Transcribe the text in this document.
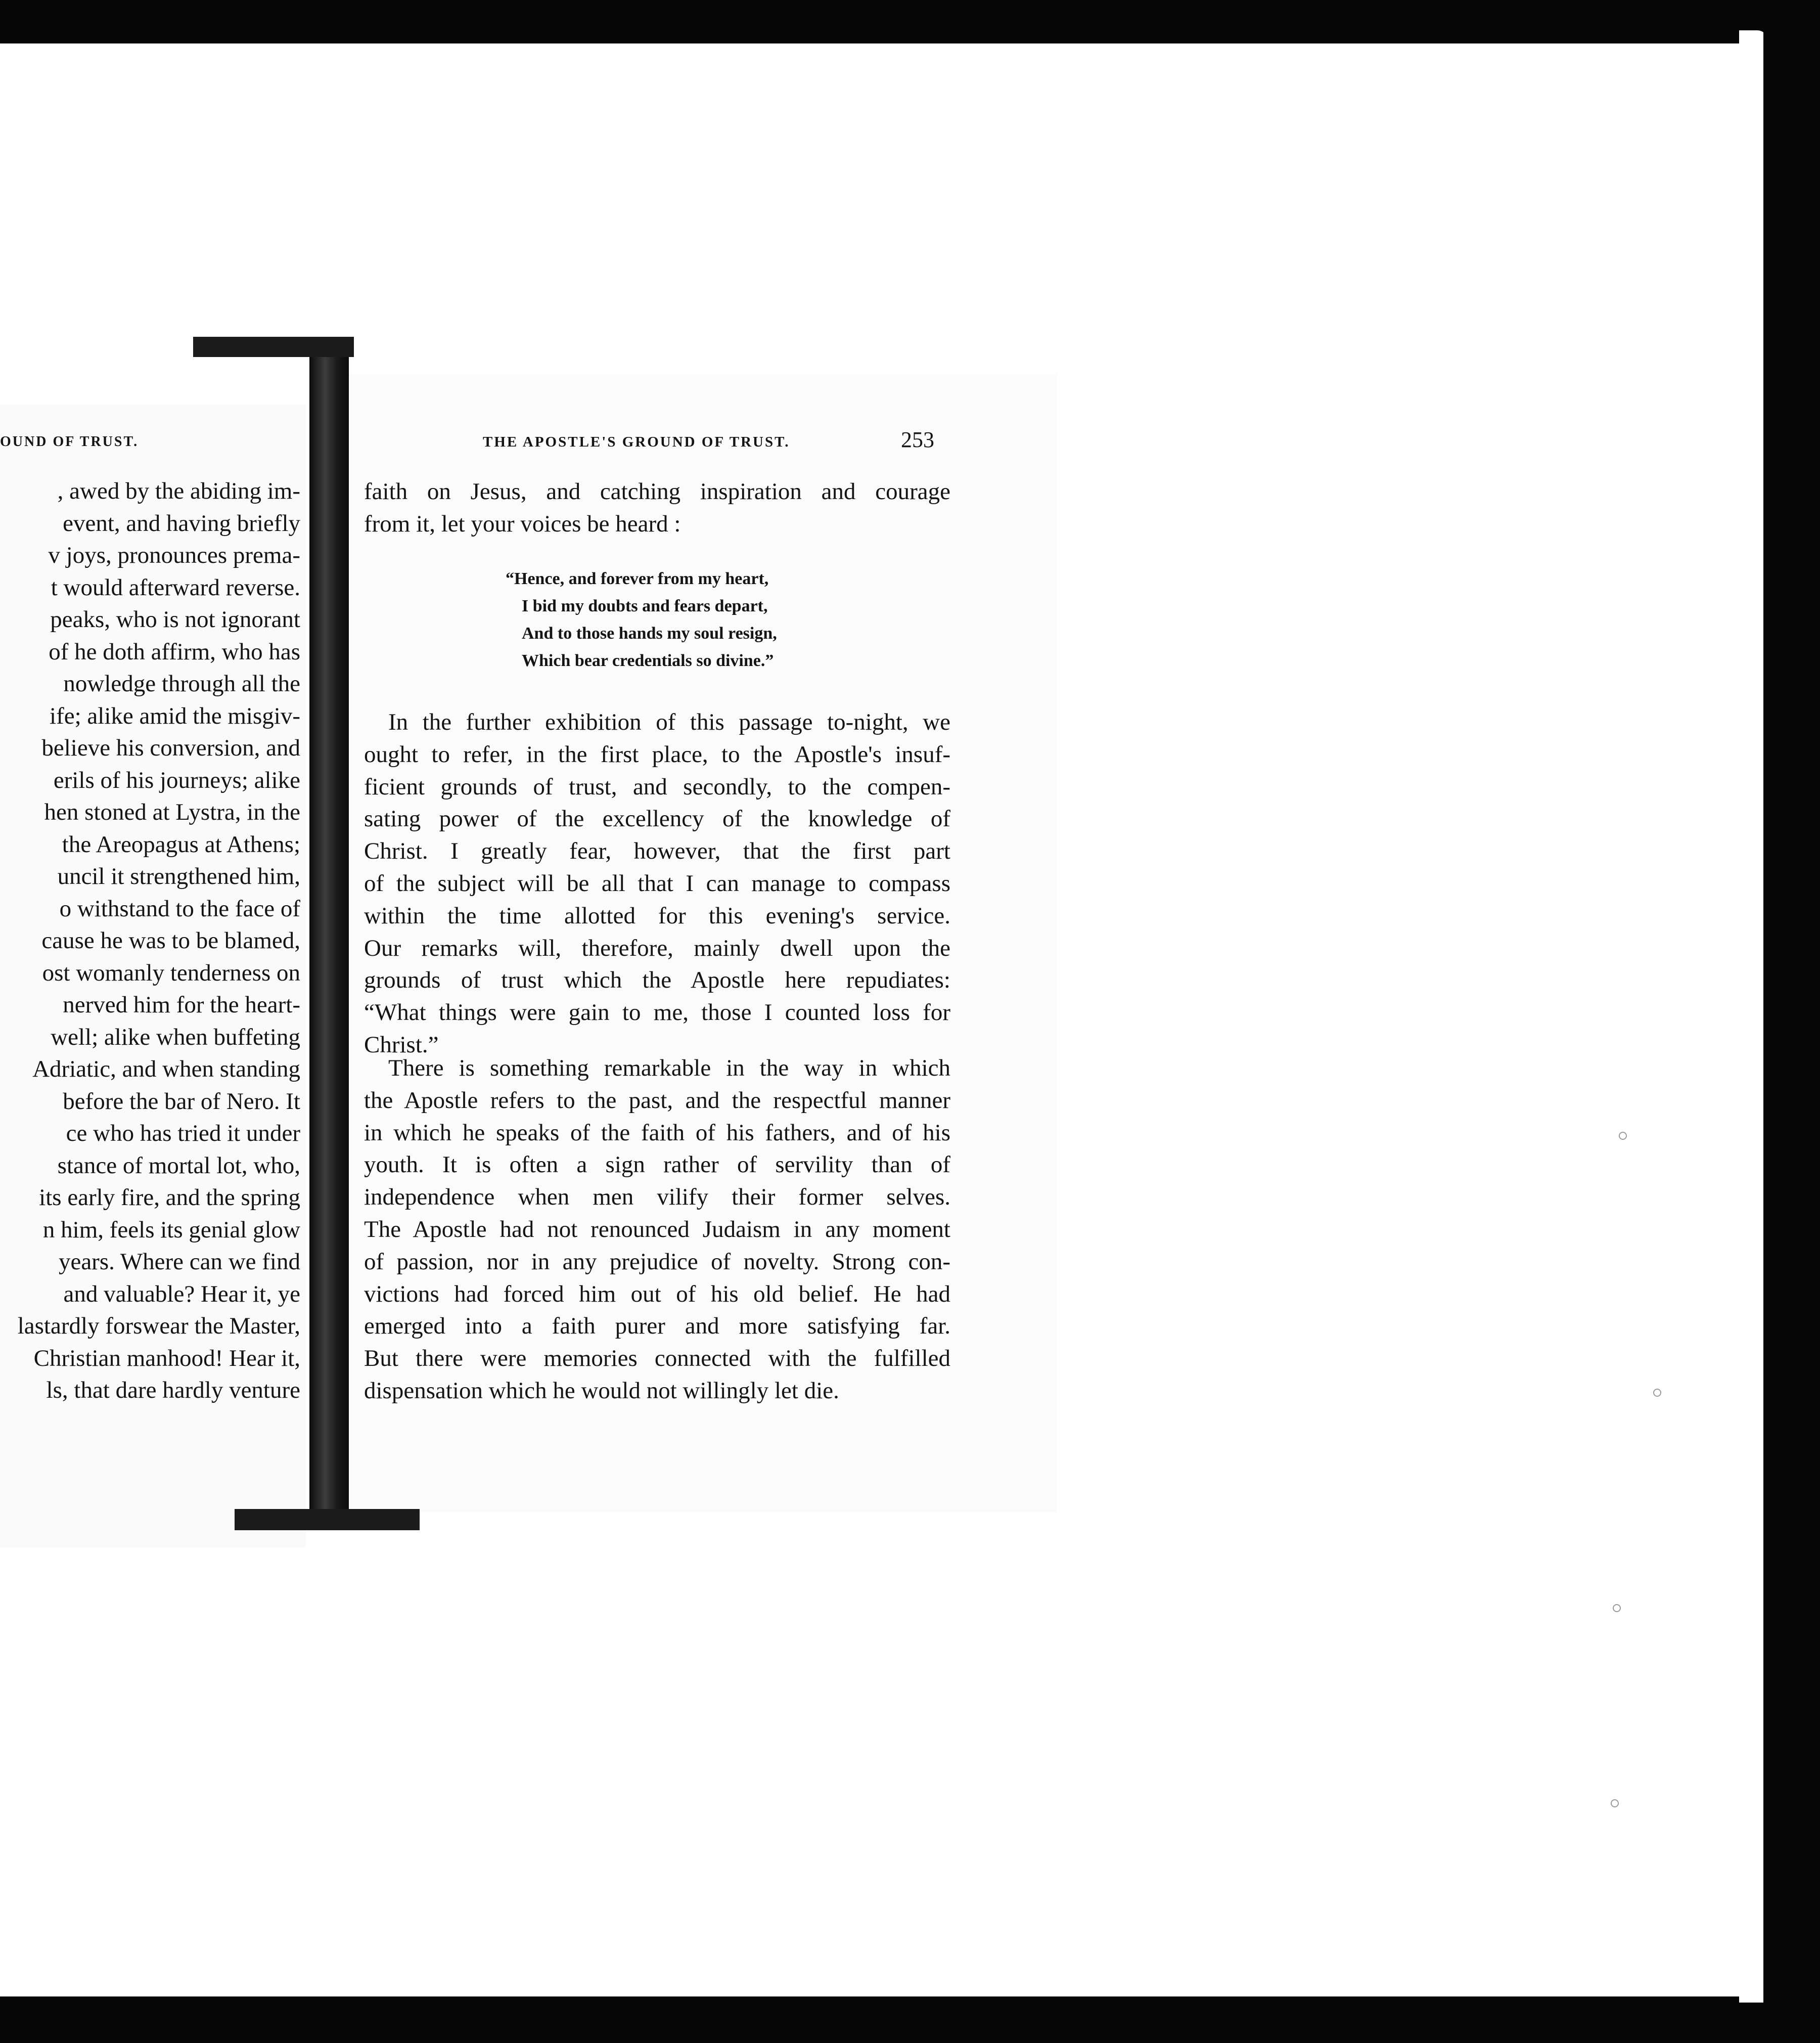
OUND OF TRUST.
, awed by the abiding im-
event, and having briefly
v joys, pronounces prema-
t would afterward reverse.
peaks, who is not ignorant
of he doth affirm, who has
nowledge through all the
ife; alike amid the misgiv-
believe his conversion, and
erils of his journeys; alike
hen stoned at Lystra, in the
the Areopagus at Athens;
uncil it strengthened him,
o withstand to the face of
cause he was to be blamed,
ost womanly tenderness on
nerved him for the heart-
well; alike when buffeting
Adriatic, and when standing
before the bar of Nero. It
ce who has tried it under
stance of mortal lot, who,
its early fire, and the spring
n him, feels its genial glow
years. Where can we find
and valuable? Hear it, ye
lastardly forswear the Master,
Christian manhood! Hear it,
ls, that dare hardly venture
THE APOSTLE'S GROUND OF TRUST.	253
faith on Jesus, and catching inspiration and courage
from it, let your voices be heard :
“Hence, and forever from my heart,
I bid my doubts and fears depart,
And to those hands my soul resign,
Which bear credentials so divine.”
In the further exhibition of this passage to-night, we
ought to refer, in the first place, to the Apostle's insuf-
ficient grounds of trust, and secondly, to the compen-
sating power of the excellency of the knowledge of
Christ. I greatly fear, however, that the first part
of the subject will be all that I can manage to compass
within the time allotted for this evening's service.
Our remarks will, therefore, mainly dwell upon the
grounds of trust which the Apostle here repudiates:
“What things were gain to me, those I counted loss for
Christ.”
There is something remarkable in the way in which
the Apostle refers to the past, and the respectful manner
in which he speaks of the faith of his fathers, and of his
youth. It is often a sign rather of servility than of
independence when men vilify their former selves.
The Apostle had not renounced Judaism in any moment
of passion, nor in any prejudice of novelty. Strong con-
victions had forced him out of his old belief. He had
emerged into a faith purer and more satisfying far.
But there were memories connected with the fulfilled
dispensation which he would not willingly let die.
